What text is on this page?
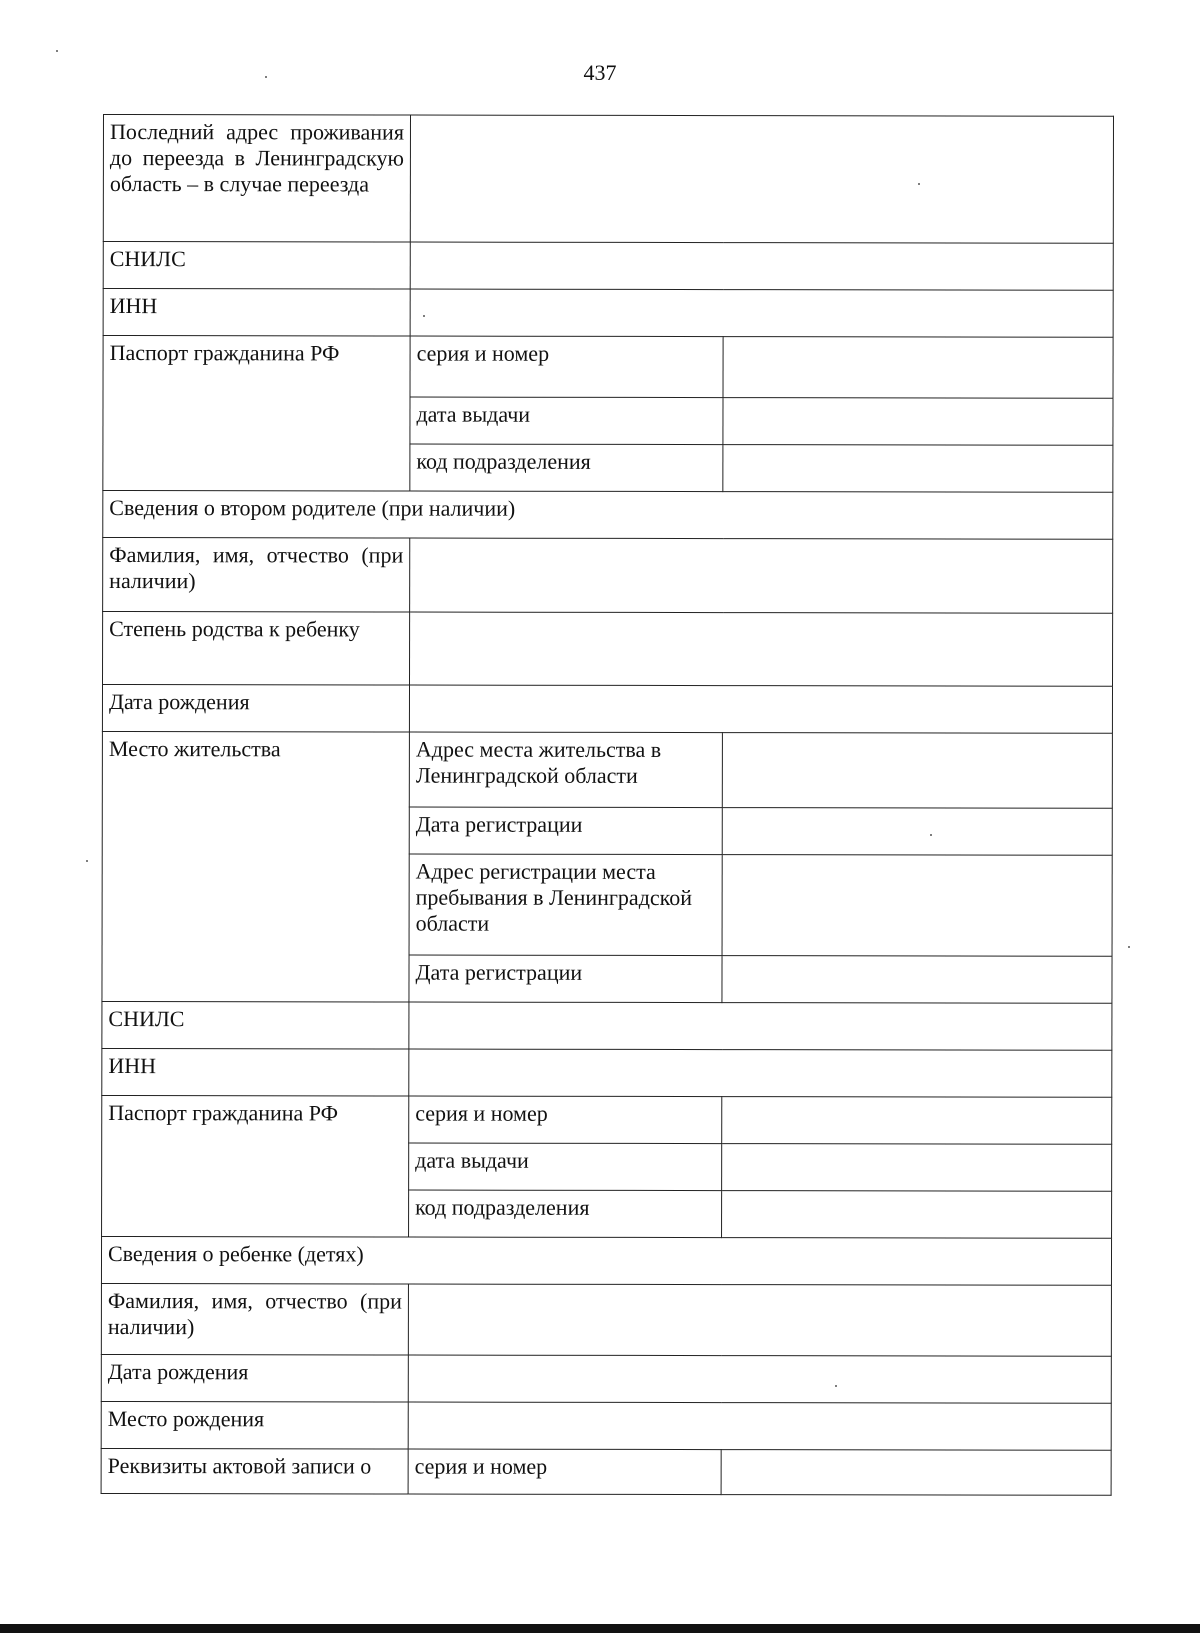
437
Последний адрес проживания до переезда в Ленинградскую область – в случае переезда		
СНИЛС		
ИНН		
Паспорт гражданина РФ	серия и номер	
	дата выдачи	
	код подразделения	
Сведения о втором родителе (при наличии)		
Фамилия, имя, отчество (при наличии)		
Степень родства к ребенку		
Дата рождения		
Место жительства	Адрес места жительства в Ленинградской области	
	Дата регистрации	
	Адрес регистрации места пребывания в Ленинградской области	
	Дата регистрации	
СНИЛС		
ИНН		
Паспорт гражданина РФ	серия и номер	
	дата выдачи	
	код подразделения	
Сведения о ребенке (детях)		
Фамилия, имя, отчество (при наличии)		
Дата рождения		
Место рождения		
Реквизиты актовой записи о	серия и номер	
